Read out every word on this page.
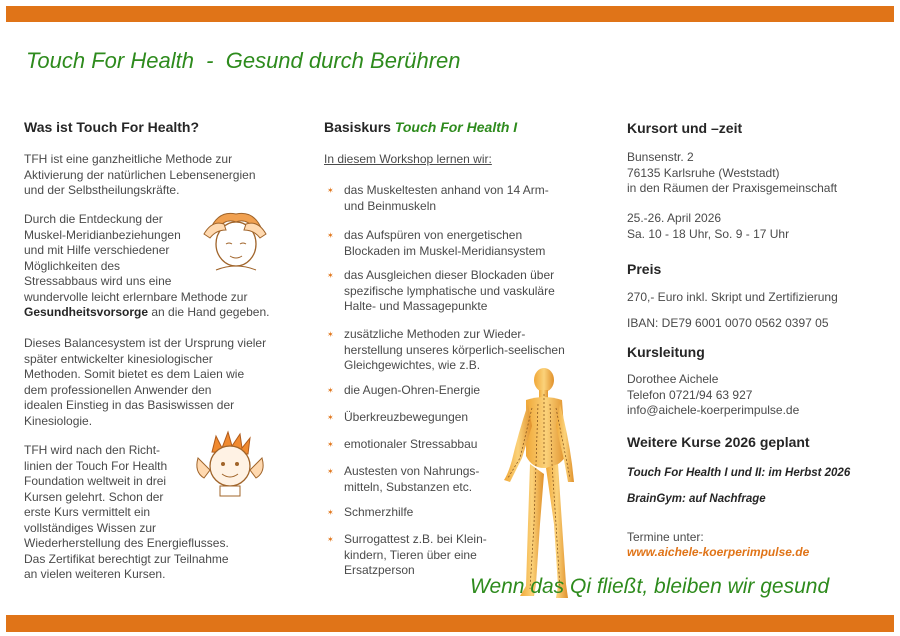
Touch For Health  -  Gesund durch Berühren
Was ist Touch For Health?
TFH ist eine ganzheitliche Methode zur
Aktivierung der natürlichen Lebensenergien
und der Selbstheilungskräfte.
Durch die Entdeckung der
Muskel-Meridianbeziehungen
und mit Hilfe verschiedener
Möglichkeiten des
Stressabbaus wird uns eine
wundervolle leicht erlernbare Methode zur
Gesundheitsvorsorge an die Hand gegeben.
Dieses Balancesystem ist der Ursprung vieler
später entwickelter kinesiologischer
Methoden. Somit bietet es dem Laien wie
dem professionellen Anwender den
idealen Einstieg in das Basiswissen der
Kinesiologie.
TFH wird nach den Richt-
linien der Touch For Health
Foundation weltweit in drei
Kursen gelehrt. Schon der
erste Kurs vermittelt ein
vollständiges Wissen zur
Wiederherstellung des Energieflusses.
Das Zertifikat berechtigt zur Teilnahme
an vielen weiteren Kursen.
Basiskurs Touch For Health I
In diesem Workshop lernen wir:
✶ das Muskeltesten anhand von 14 Arm-
und Beinmuskeln
✶ das Aufspüren von energetischen
Blockaden im Muskel-Meridiansystem
✶ das Ausgleichen dieser Blockaden über
spezifische lymphatische und vaskuläre
Halte- und Massagepunkte
✶ zusätzliche Methoden zur Wieder-
herstellung unseres körperlich-seelischen
Gleichgewichtes, wie z.B.
✶ die Augen-Ohren-Energie
✶ Überkreuzbewegungen
✶ emotionaler Stressabbau
✶ Austesten von Nahrungs-
mitteln, Substanzen etc.
✶ Schmerzhilfe
✶ Surrogattest z.B. bei Klein-
kindern, Tieren über eine
Ersatzperson
Kursort und –zeit
Bunsenstr. 2
76135 Karlsruhe (Weststadt)
in den Räumen der Praxisgemeinschaft
25.-26. April 2026
Sa. 10 - 18 Uhr, So. 9 - 17 Uhr
Preis
270,- Euro inkl. Skript und Zertifizierung
IBAN: DE79 6001 0070 0562 0397 05
Kursleitung
Dorothee Aichele
Telefon 0721/94 63 927
info@aichele-koerperimpulse.de
Weitere Kurse 2026 geplant
Touch For Health I und II: im Herbst 2026
BrainGym: auf Nachfrage
Termine unter:
www.aichele-koerperimpulse.de
Wenn das Qi fließt, bleiben wir gesund
